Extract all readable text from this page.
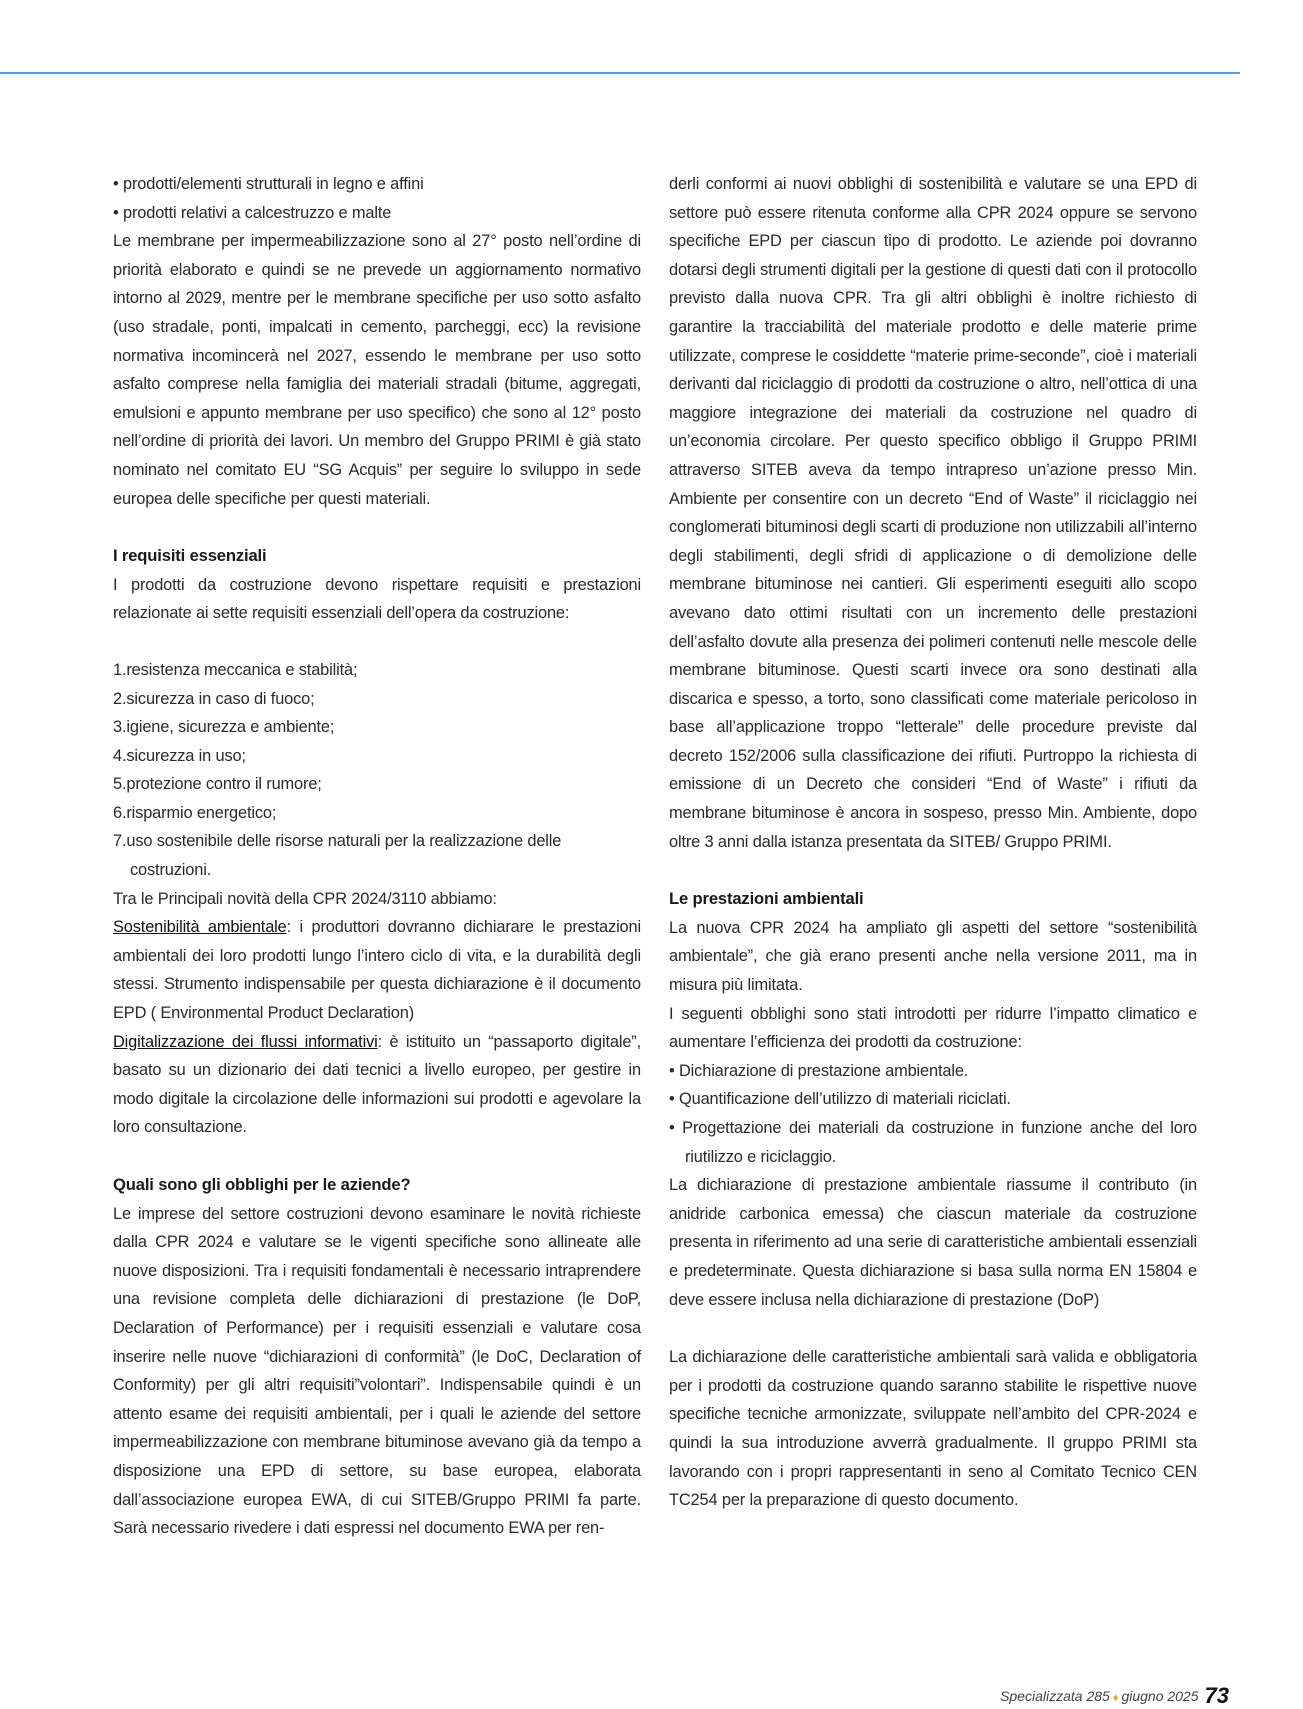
• prodotti/elementi strutturali in legno e affini
• prodotti relativi a calcestruzzo e malte

Le membrane per impermeabilizzazione sono al 27° posto nell’ordine di priorità elaborato e quindi se ne prevede un aggiornamento normativo intorno al 2029, mentre per le membrane specifiche per uso sotto asfalto (uso stradale, ponti, impalcati in cemento, parcheggi, ecc) la revisione normativa incomincerà nel 2027, essendo le membrane per uso sotto asfalto comprese nella famiglia dei materiali stradali (bitume, aggregati, emulsioni e appunto membrane per uso specifico) che sono al 12° posto nell’ordine di priorità dei lavori. Un membro del Gruppo PRIMI è già stato nominato nel comitato EU “SG Acquis” per seguire lo sviluppo in sede europea delle specifiche per questi materiali.

I requisiti essenziali

I prodotti da costruzione devono rispettare requisiti e prestazioni relazionate ai sette requisiti essenziali dell’opera da costruzione:

1.resistenza meccanica e stabilità;
2.sicurezza in caso di fuoco;
3.igiene, sicurezza e ambiente;
4.sicurezza in uso;
5.protezione contro il rumore;
6.risparmio energetico;
7.uso sostenibile delle risorse naturali per la realizzazione delle costruzioni.

Tra le Principali novità della CPR 2024/3110 abbiamo:

Sostenibilità ambientale: i produttori dovranno dichiarare le prestazioni ambientali dei loro prodotti lungo l’intero ciclo di vita, e la durabilità degli stessi. Strumento indispensabile per questa dichiarazione è il documento EPD ( Environmental Product Declaration)

Digitalizzazione dei flussi informativi: è istituito un “passaporto digitale”, basato su un dizionario dei dati tecnici a livello europeo, per gestire in modo digitale la circolazione delle informazioni sui prodotti e agevolare la loro consultazione.

Quali sono gli obblighi per le aziende?

Le imprese del settore costruzioni devono esaminare le novità richieste dalla CPR 2024 e valutare se le vigenti specifiche sono allineate alle nuove disposizioni. Tra i requisiti fondamentali è necessario intraprendere una revisione completa delle dichiarazioni di prestazione (le DoP, Declaration of Performance) per i requisiti essenziali e valutare cosa inserire nelle nuove “dichiarazioni di conformità” (le DoC, Declaration of Conformity) per gli altri requisiti”volontari”. Indispensabile quindi è un attento esame dei requisiti ambientali, per i quali le aziende del settore impermeabilizzazione con membrane bituminose avevano già da tempo a disposizione una EPD di settore, su base europea, elaborata dall’associazione europea EWA, di cui SITEB/Gruppo PRIMI fa parte. Sarà necessario rivedere i dati espressi nel documento EWA per ren-

derli conformi ai nuovi obblighi di sostenibilità e valutare se una EPD di settore può essere ritenuta conforme alla CPR 2024 oppure se servono specifiche EPD per ciascun tipo di prodotto. Le aziende poi dovranno dotarsi degli strumenti digitali per la gestione di questi dati con il protocollo previsto dalla nuova CPR. Tra gli altri obblighi è inoltre richiesto di garantire la tracciabilità del materiale prodotto e delle materie prime utilizzate, comprese le cosiddette “materie prime-seconde”, cioè i materiali derivanti dal riciclaggio di prodotti da costruzione o altro, nell’ottica di una maggiore integrazione dei materiali da costruzione nel quadro di un’economia circolare. Per questo specifico obbligo il Gruppo PRIMI attraverso SITEB aveva da tempo intrapreso un’azione presso Min. Ambiente per consentire con un decreto “End of Waste” il riciclaggio nei conglomerati bituminosi degli scarti di produzione non utilizzabili all’interno degli stabilimenti, degli sfridi di applicazione o di demolizione delle membrane bituminose nei cantieri. Gli esperimenti eseguiti allo scopo avevano dato ottimi risultati con un incremento delle prestazioni dell’asfalto dovute alla presenza dei polimeri contenuti nelle mescole delle membrane bituminose. Questi scarti invece ora sono destinati alla discarica e spesso, a torto, sono classificati come materiale pericoloso in base all’applicazione troppo “letterale” delle procedure previste dal decreto 152/2006 sulla classificazione dei rifiuti. Purtroppo la richiesta di emissione di un Decreto che consideri “End of Waste” i rifiuti da membrane bituminose è ancora in sospeso, presso Min. Ambiente, dopo oltre 3 anni dalla istanza presentata da SITEB/ Gruppo PRIMI.

Le prestazioni ambientali

La nuova CPR 2024 ha ampliato gli aspetti del settore “sostenibilità ambientale”, che già erano presenti anche nella versione 2011, ma in misura più limitata.

I seguenti obblighi sono stati introdotti per ridurre l’impatto climatico e aumentare l’efficienza dei prodotti da costruzione:

• Dichiarazione di prestazione ambientale.
• Quantificazione dell’utilizzo di materiali riciclati.
• Progettazione dei materiali da costruzione in funzione anche del loro riutilizzo e riciclaggio.

La dichiarazione di prestazione ambientale riassume il contributo (in anidride carbonica emessa) che ciascun materiale da costruzione presenta in riferimento ad una serie di caratteristiche ambientali essenziali e predeterminate. Questa dichiarazione si basa sulla norma EN 15804 e deve essere inclusa nella dichiarazione di prestazione (DoP)

La dichiarazione delle caratteristiche ambientali sarà valida e obbligatoria per i prodotti da costruzione quando saranno stabilite le rispettive nuove specifiche tecniche armonizzate, sviluppate nell’ambito del CPR-2024 e quindi la sua introduzione avverrà gradualmente. Il gruppo PRIMI sta lavorando con i propri rappresentanti in seno al Comitato Tecnico CEN TC254 per la preparazione di questo documento.

Specializzata 285 ♦ giugno 2025 73
